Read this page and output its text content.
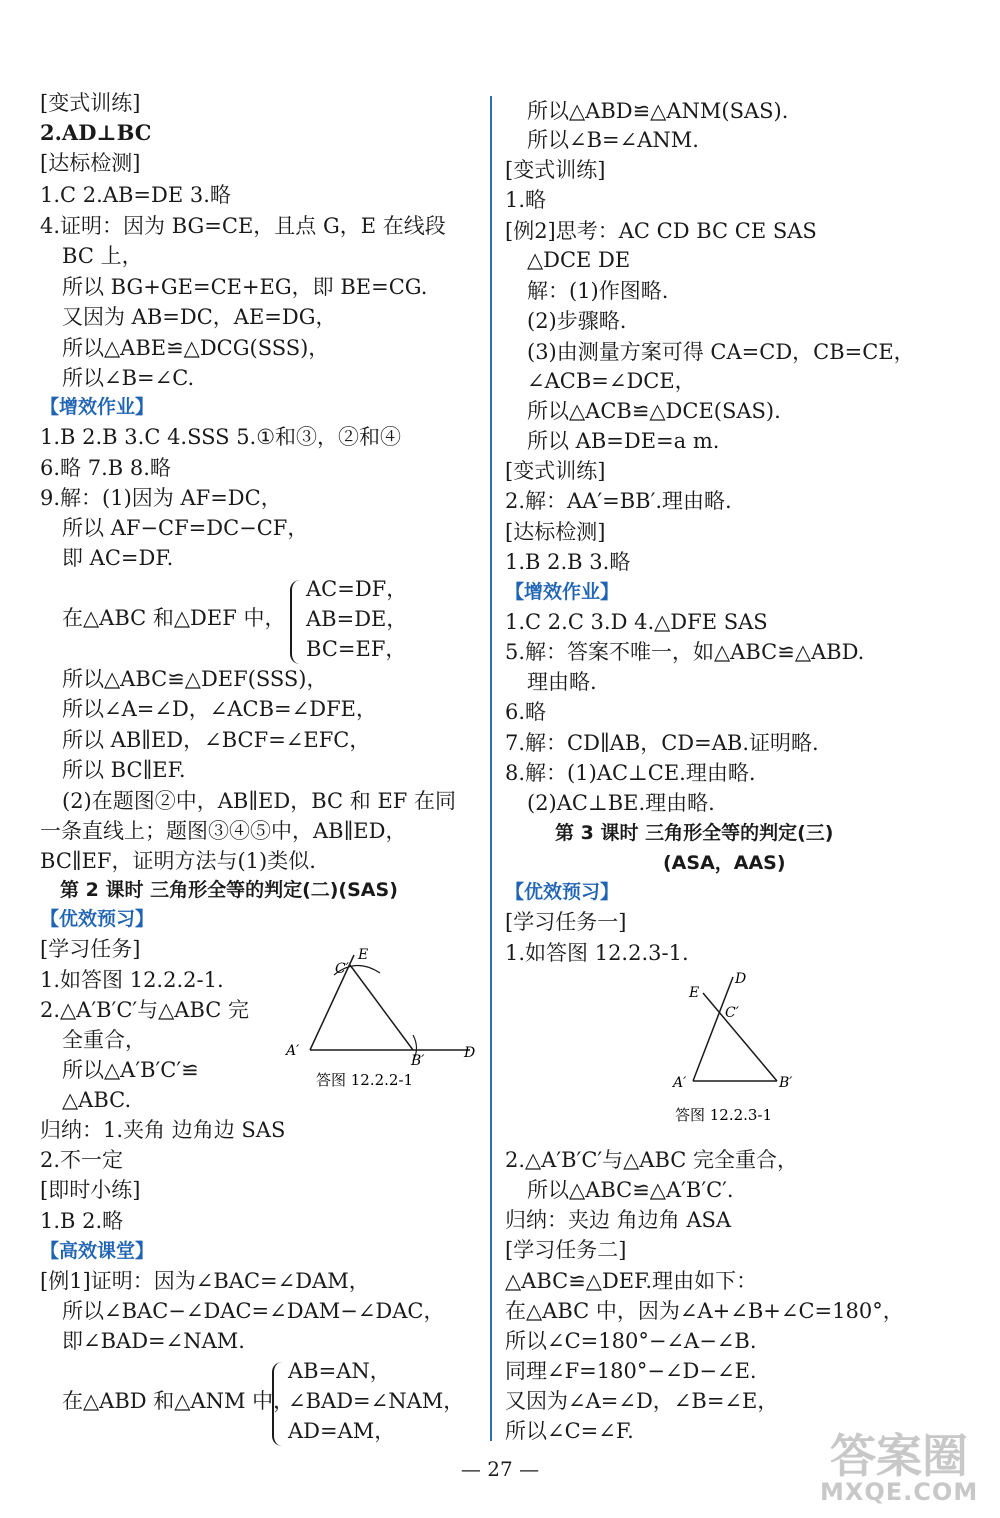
[变式训练]
2.AD⊥BC
[达标检测]
1.C 2.AB=DE 3.略
4.证明：因为 BG=CE，且点 G，E 在线段
BC 上，
所以 BG+GE=CE+EG，即 BE=CG.
又因为 AB=DC，AE=DG，
所以△ABE≌△DCG(SSS)，
所以∠B=∠C.
【增效作业】
1.B 2.B 3.C 4.SSS 5.①和③，②和④
6.略 7.B 8.略
9.解：(1)因为 AF=DC，
所以 AF−CF=DC−CF，
即 AC=DF.
在△ABC 和△DEF 中，
AC=DF，
AB=DE，
BC=EF，
所以△ABC≌△DEF(SSS)，
所以∠A=∠D，∠ACB=∠DFE，
所以 AB∥ED，∠BCF=∠EFC，
所以 BC∥EF.
(2)在题图②中，AB∥ED，BC 和 EF 在同
一条直线上；题图③④⑤中，AB∥ED，
BC∥EF，证明方法与(1)类似.
第 2 课时 三角形全等的判定(二)(SAS)
【优效预习】
[学习任务]
1.如答图 12.2.2-1.
2.△A′B′C′与△ABC 完
全重合，
所以△A′B′C′≌
△ABC.
归纳：1.夹角 边角边 SAS
2.不一定
[即时小练]
1.B 2.略
【高效课堂】
[例1]证明：因为∠BAC=∠DAM，
所以∠BAC−∠DAC=∠DAM−∠DAC，
即∠BAD=∠NAM.
在△ABD 和△ANM 中，
AB=AN，
∠BAD=∠NAM，
AD=AM，
E
C′
A′
B′	D
答图 12.2.2-1
所以△ABD≌△ANM(SAS).
所以∠B=∠ANM.
[变式训练]
1.略
[例2]思考：AC CD BC CE SAS
△DCE DE
解：(1)作图略.
(2)步骤略.
(3)由测量方案可得 CA=CD，CB=CE，
∠ACB=∠DCE，
所以△ACB≌△DCE(SAS).
所以 AB=DE=a m.
[变式训练]
2.解：AA′=BB′.理由略.
[达标检测]
1.B 2.B 3.略
【增效作业】
1.C 2.C 3.D 4.△DFE SAS
5.解：答案不唯一，如△ABC≌△ABD.
理由略.
6.略
7.解：CD∥AB，CD=AB.证明略.
8.解：(1)AC⊥CE.理由略.
(2)AC⊥BE.理由略.
第 3 课时 三角形全等的判定(三)
(ASA，AAS)
【优效预习】
[学习任务一]
1.如答图 12.2.3-1.
D
E
C′
A′	B′
答图 12.2.3-1
2.△A′B′C′与△ABC 完全重合，
所以△ABC≌△A′B′C′.
归纳：夹边 角边角 ASA
[学习任务二]
△ABC≌△DEF.理由如下：
在△ABC 中，因为∠A+∠B+∠C=180°，
所以∠C=180°−∠A−∠B.
同理∠F=180°−∠D−∠E.
又因为∠A=∠D，∠B=∠E，
所以∠C=∠F.
— 27 —	答案圈
MXQE.COM
